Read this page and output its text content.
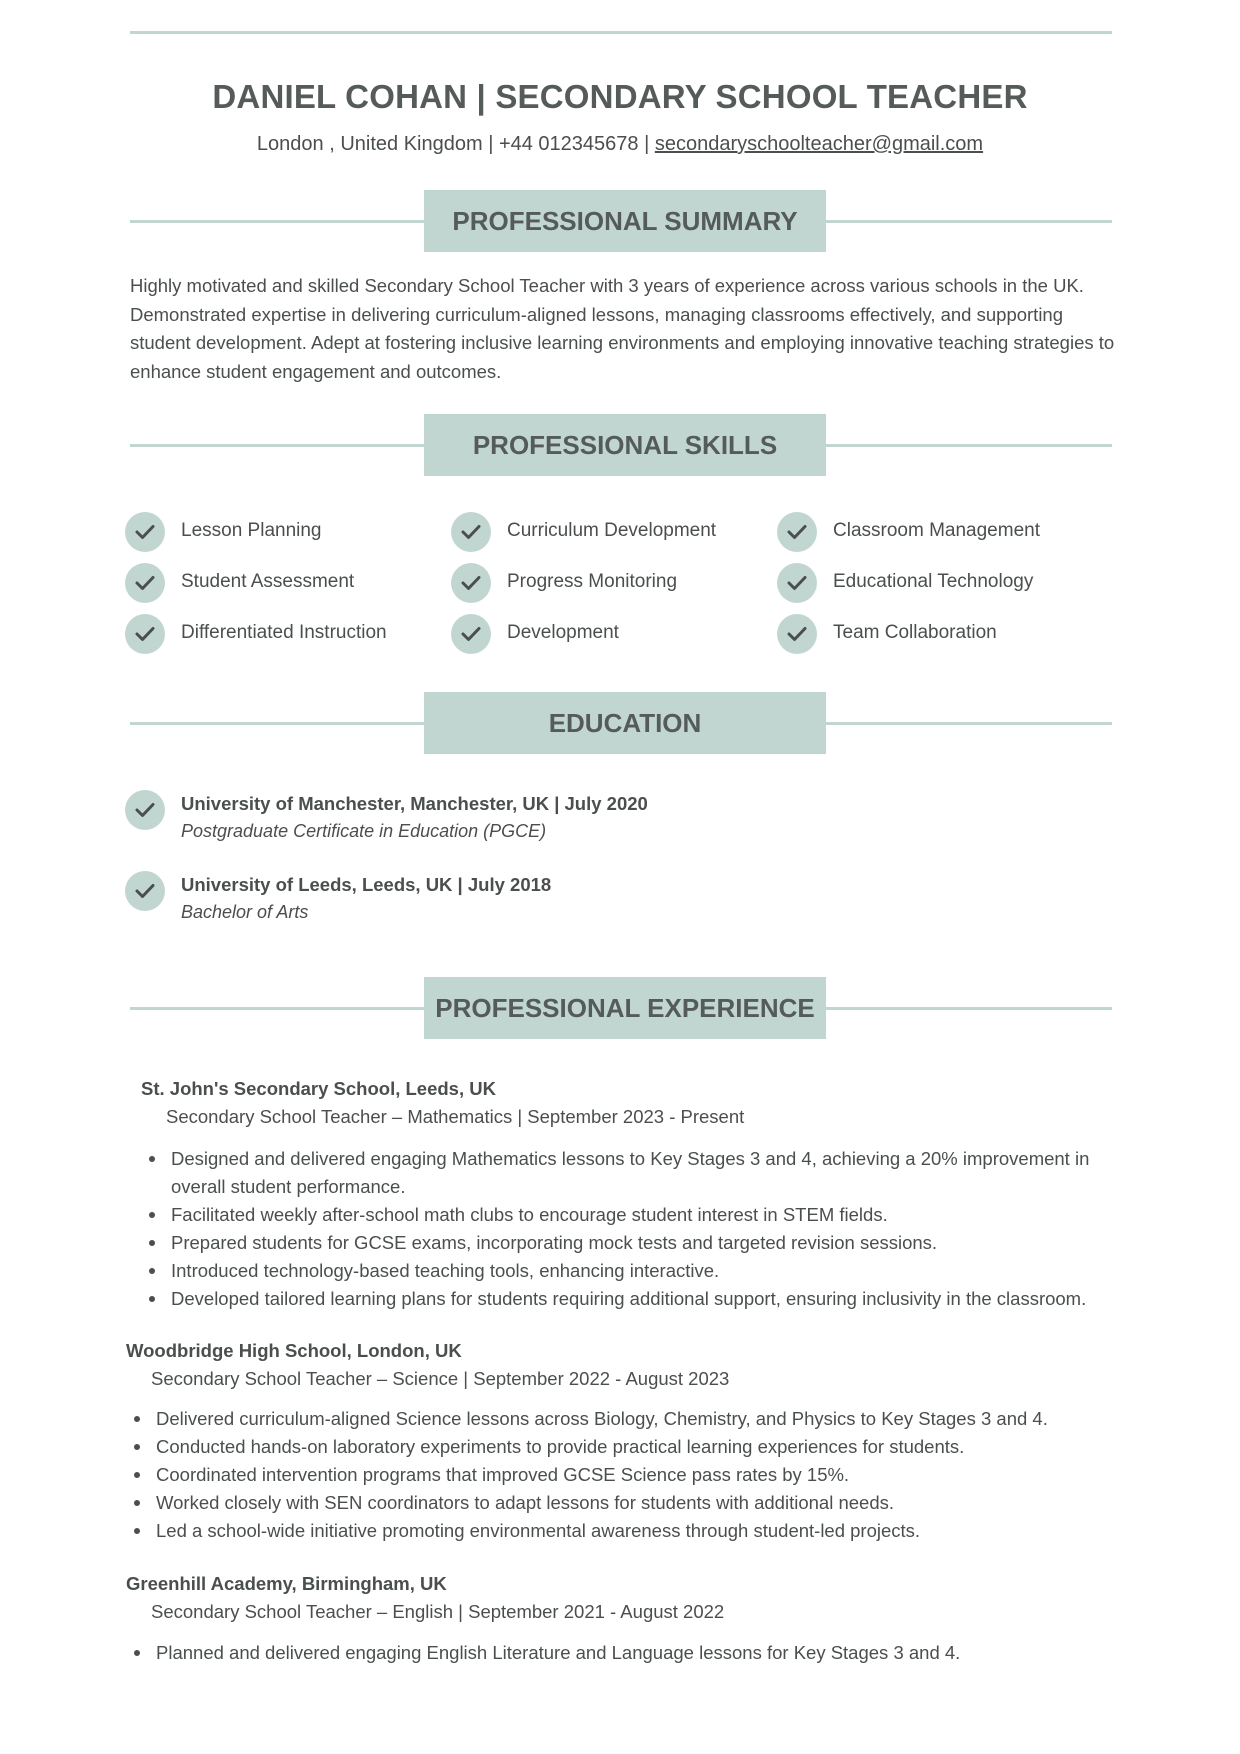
DANIEL COHAN | SECONDARY SCHOOL TEACHER
London , United Kingdom | +44 012345678 | secondaryschoolteacher@gmail.com
PROFESSIONAL SUMMARY
Highly motivated and skilled Secondary School Teacher with 3 years of experience across various schools in the UK. Demonstrated expertise in delivering curriculum-aligned lessons, managing classrooms effectively, and supporting student development. Adept at fostering inclusive learning environments and employing innovative teaching strategies to enhance student engagement and outcomes.
PROFESSIONAL SKILLS
Lesson Planning	Curriculum Development	Classroom Management
Student Assessment	Progress Monitoring	Educational Technology
Differentiated Instruction	Development	Team Collaboration
EDUCATION
University of Manchester, Manchester, UK | July 2020
Postgraduate Certificate in Education (PGCE)
University of Leeds, Leeds, UK | July 2018
Bachelor of Arts
PROFESSIONAL EXPERIENCE
St. John's Secondary School, Leeds, UK
Secondary School Teacher – Mathematics | September 2023 - Present
Designed and delivered engaging Mathematics lessons to Key Stages 3 and 4, achieving a 20% improvement in overall student performance.
Facilitated weekly after-school math clubs to encourage student interest in STEM fields.
Prepared students for GCSE exams, incorporating mock tests and targeted revision sessions.
Introduced technology-based teaching tools, enhancing interactive.
Developed tailored learning plans for students requiring additional support, ensuring inclusivity in the classroom.
Woodbridge High School, London, UK
Secondary School Teacher – Science | September 2022 - August 2023
Delivered curriculum-aligned Science lessons across Biology, Chemistry, and Physics to Key Stages 3 and 4.
Conducted hands-on laboratory experiments to provide practical learning experiences for students.
Coordinated intervention programs that improved GCSE Science pass rates by 15%.
Worked closely with SEN coordinators to adapt lessons for students with additional needs.
Led a school-wide initiative promoting environmental awareness through student-led projects.
Greenhill Academy, Birmingham, UK
Secondary School Teacher – English | September 2021 - August 2022
Planned and delivered engaging English Literature and Language lessons for Key Stages 3 and 4.
